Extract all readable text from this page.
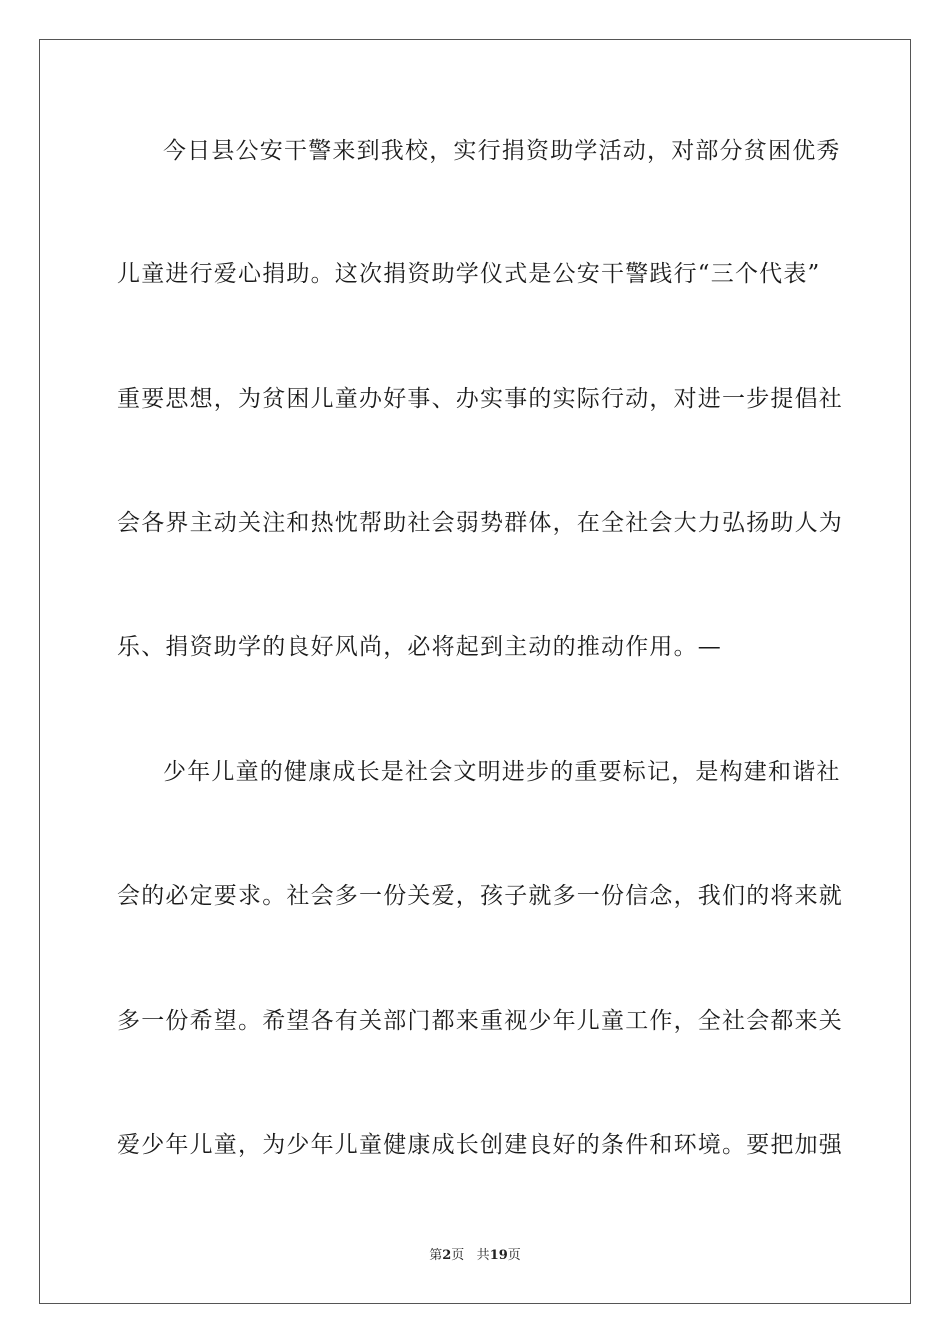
今日县公安干警来到我校，实行捐资助学活动，对部分贫困优秀
儿童进行爱心捐助。这次捐资助学仪式是公安干警践行“三个代表”
重要思想，为贫困儿童办好事、办实事的实际行动，对进一步提倡社
会各界主动关注和热忱帮助社会弱势群体，在全社会大力弘扬助人为
乐、捐资助学的良好风尚，必将起到主动的推动作用。—
少年儿童的健康成长是社会文明进步的重要标记，是构建和谐社
会的必定要求。社会多一份关爱，孩子就多一份信念，我们的将来就
多一份希望。希望各有关部门都来重视少年儿童工作，全社会都来关
爱少年儿童，为少年儿童健康成长创建良好的条件和环境。要把加强
第2页 共19页
